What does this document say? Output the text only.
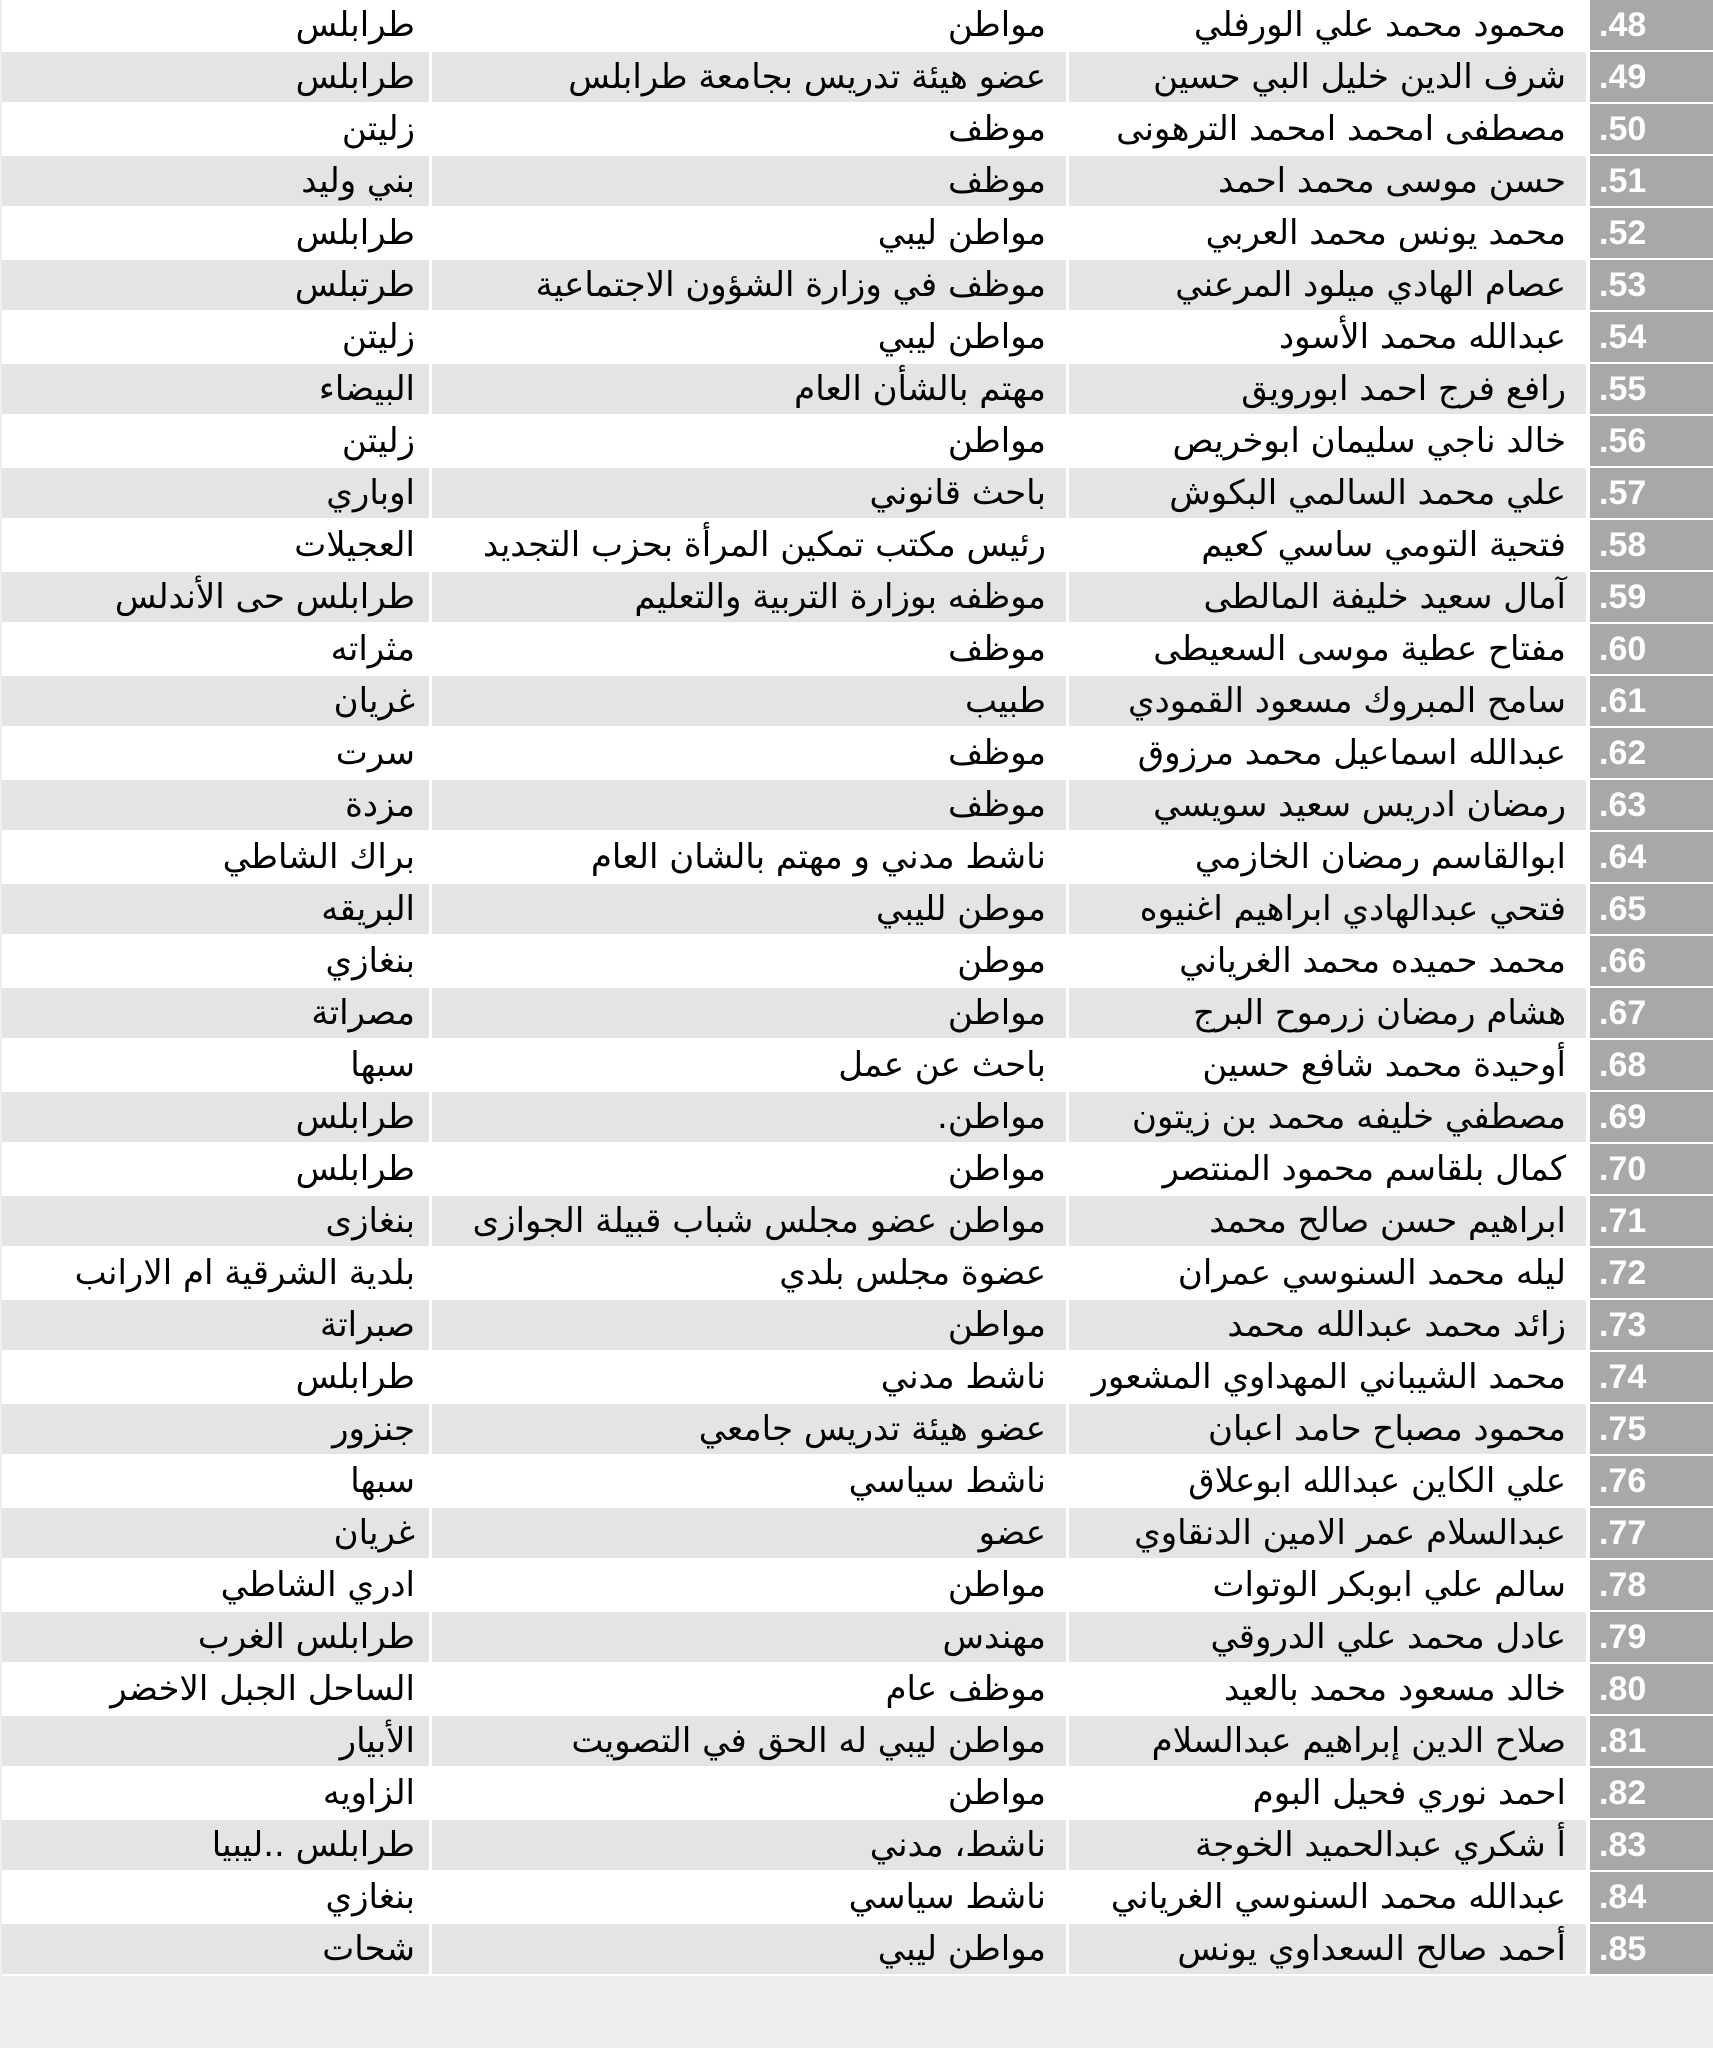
طرابلس	مواطن	محمود محمد علي الورفلي	.48
طرابلس	عضو هيئة تدريس بجامعة طرابلس	شرف الدين خليل البي حسين	.49
زليتن	موظف	مصطفى امحمد امحمد الترهونى	.50
بني وليد	موظف	حسن موسى محمد احمد	.51
طرابلس	مواطن ليبي	محمد يونس محمد العربي	.52
طرتبلس	موظف في وزارة الشؤون الاجتماعية	عصام الهادي ميلود المرعني	.53
زليتن	مواطن ليبي	عبدالله محمد الأسود	.54
البيضاء	مهتم بالشأن العام	رافع فرج احمد ابورويق	.55
زليتن	مواطن	خالد ناجي سليمان ابوخريص	.56
اوباري	باحث قانوني	علي محمد السالمي البكوش	.57
العجيلات	رئيس مكتب تمكين المرأة بحزب التجديد	فتحية التومي ساسي كعيم	.58
طرابلس حى الأندلس	موظفه بوزارة التربية والتعليم	آمال سعيد خليفة المالطى	.59
مثراته	موظف	مفتاح عطية موسى السعيطى	.60
غريان	طبيب	سامح المبروك مسعود القمودي	.61
سرت	موظف	عبدالله اسماعيل محمد مرزوق	.62
مزدة	موظف	رمضان ادريس سعيد سويسي	.63
براك الشاطي	ناشط مدني و مهتم بالشان العام	ابوالقاسم رمضان الخازمي	.64
البريقه	موطن لليبي	فتحي عبدالهادي ابراهيم اغنيوه	.65
بنغازي	موطن	محمد حميده محمد الغرياني	.66
مصراتة	مواطن	هشام رمضان زرموح البرج	.67
سبها	باحث عن عمل	أوحيدة محمد شافع حسين	.68
طرابلس	مواطن.	مصطفي خليفه محمد بن زيتون	.69
طرابلس	مواطن	كمال بلقاسم محمود المنتصر	.70
بنغازى	مواطن عضو مجلس شباب قبيلة الجوازى	ابراهيم حسن صالح محمد	.71
بلدية الشرقية ام الارانب	عضوة مجلس بلدي	ليله محمد السنوسي عمران	.72
صبراتة	مواطن	زائد محمد عبدالله محمد	.73
طرابلس	ناشط مدني	محمد الشيباني المهداوي المشعور	.74
جنزور	عضو هيئة تدريس جامعي	محمود مصباح حامد اعبان	.75
سبها	ناشط سياسي	علي الكاين عبدالله ابوعلاق	.76
غريان	عضو	عبدالسلام عمر الامين الدنقاوي	.77
ادري الشاطي	مواطن	سالم علي ابوبكر الوتوات	.78
طرابلس الغرب	مهندس	عادل محمد علي الدروقي	.79
الساحل الجبل الاخضر	موظف عام	خالد مسعود محمد بالعيد	.80
الأبيار	مواطن ليبي له الحق في التصويت	صلاح الدين إبراهيم عبدالسلام	.81
الزاويه	مواطن	احمد نوري فحيل البوم	.82
طرابلس ..ليبيا	ناشط، مدني	أ شكري عبدالحميد الخوجة	.83
بنغازي	ناشط سياسي	عبدالله محمد السنوسي الغرياني	.84
شحات	مواطن ليبي	أحمد صالح السعداوي يونس	.85
